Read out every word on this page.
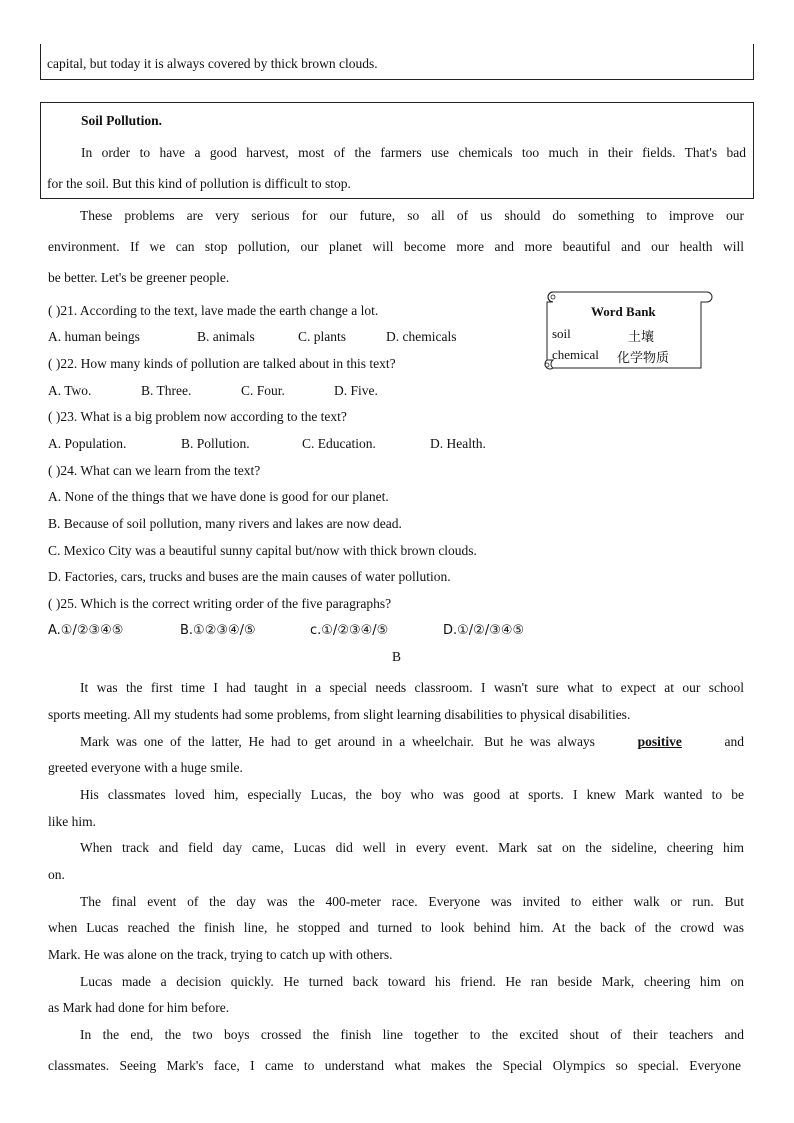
capital, but today it is always covered by thick brown clouds.
Soil Pollution.
In order to have a good harvest, most of the farmers use chemicals too much in their fields. That's bad
for the soil. But this kind of pollution is difficult to stop.
These problems are very serious for our future, so all of us should do something to improve our
environment. If we can stop pollution, our planet will become more and more beautiful and our health will
be better. Let's be greener people.
Word Bank
soil	土壤
chemical 化学物质
( )21. According to the text, lave made the earth change a lot.
A. human beings	B. animals	C. plants	D. chemicals
( )22. How many kinds of pollution are talked about in this text?
A. Two.	B. Three.	C. Four.	D. Five.
( )23. What is a big problem now according to the text?
A. Population.	B. Pollution.	C. Education.	D. Health.
( )24. What can we learn from the text?
A. None of the things that we have done is good for our planet.
B. Because of soil pollution, many rivers and lakes are now dead.
C. Mexico City was a beautiful sunny capital but/now with thick brown clouds.
D. Factories, cars, trucks and buses are the main causes of water pollution.
( )25. Which is the correct writing order of the five paragraphs?
A.①/②③④⑤	B.①②③④/⑤	c.①/②③④/⑤	D.①/②/③④⑤
B
It was the first time I had taught in a special needs classroom. I wasn't sure what to expect at our school
sports meeting. All my students had some problems, from slight learning disabilities to physical disabilities.
Mark  was  one  of  the  latter,  He  had  to  get  around  in  a  wheelchair.   But  he  was  always	positive	and
greeted everyone with a huge smile.
His classmates loved him, especially Lucas, the boy who was good at sports. I knew Mark wanted to be
like him.
When track and field day came, Lucas did well in every event. Mark sat on the sideline, cheering him
on.
The final event of the day was the 400-meter race. Everyone was invited to either walk or run. But
when Lucas reached the finish line, he stopped and turned to look behind him. At the back of the crowd was
Mark. He was alone on the track, trying to catch up with others.
Lucas made a decision quickly. He turned back toward his friend. He ran beside Mark, cheering him on
as Mark had done for him before.
In the end, the two boys crossed the finish line together to the excited shout of their teachers and
classmates. Seeing Mark's face, I came to understand what makes the Special Olympics so special. Everyone
